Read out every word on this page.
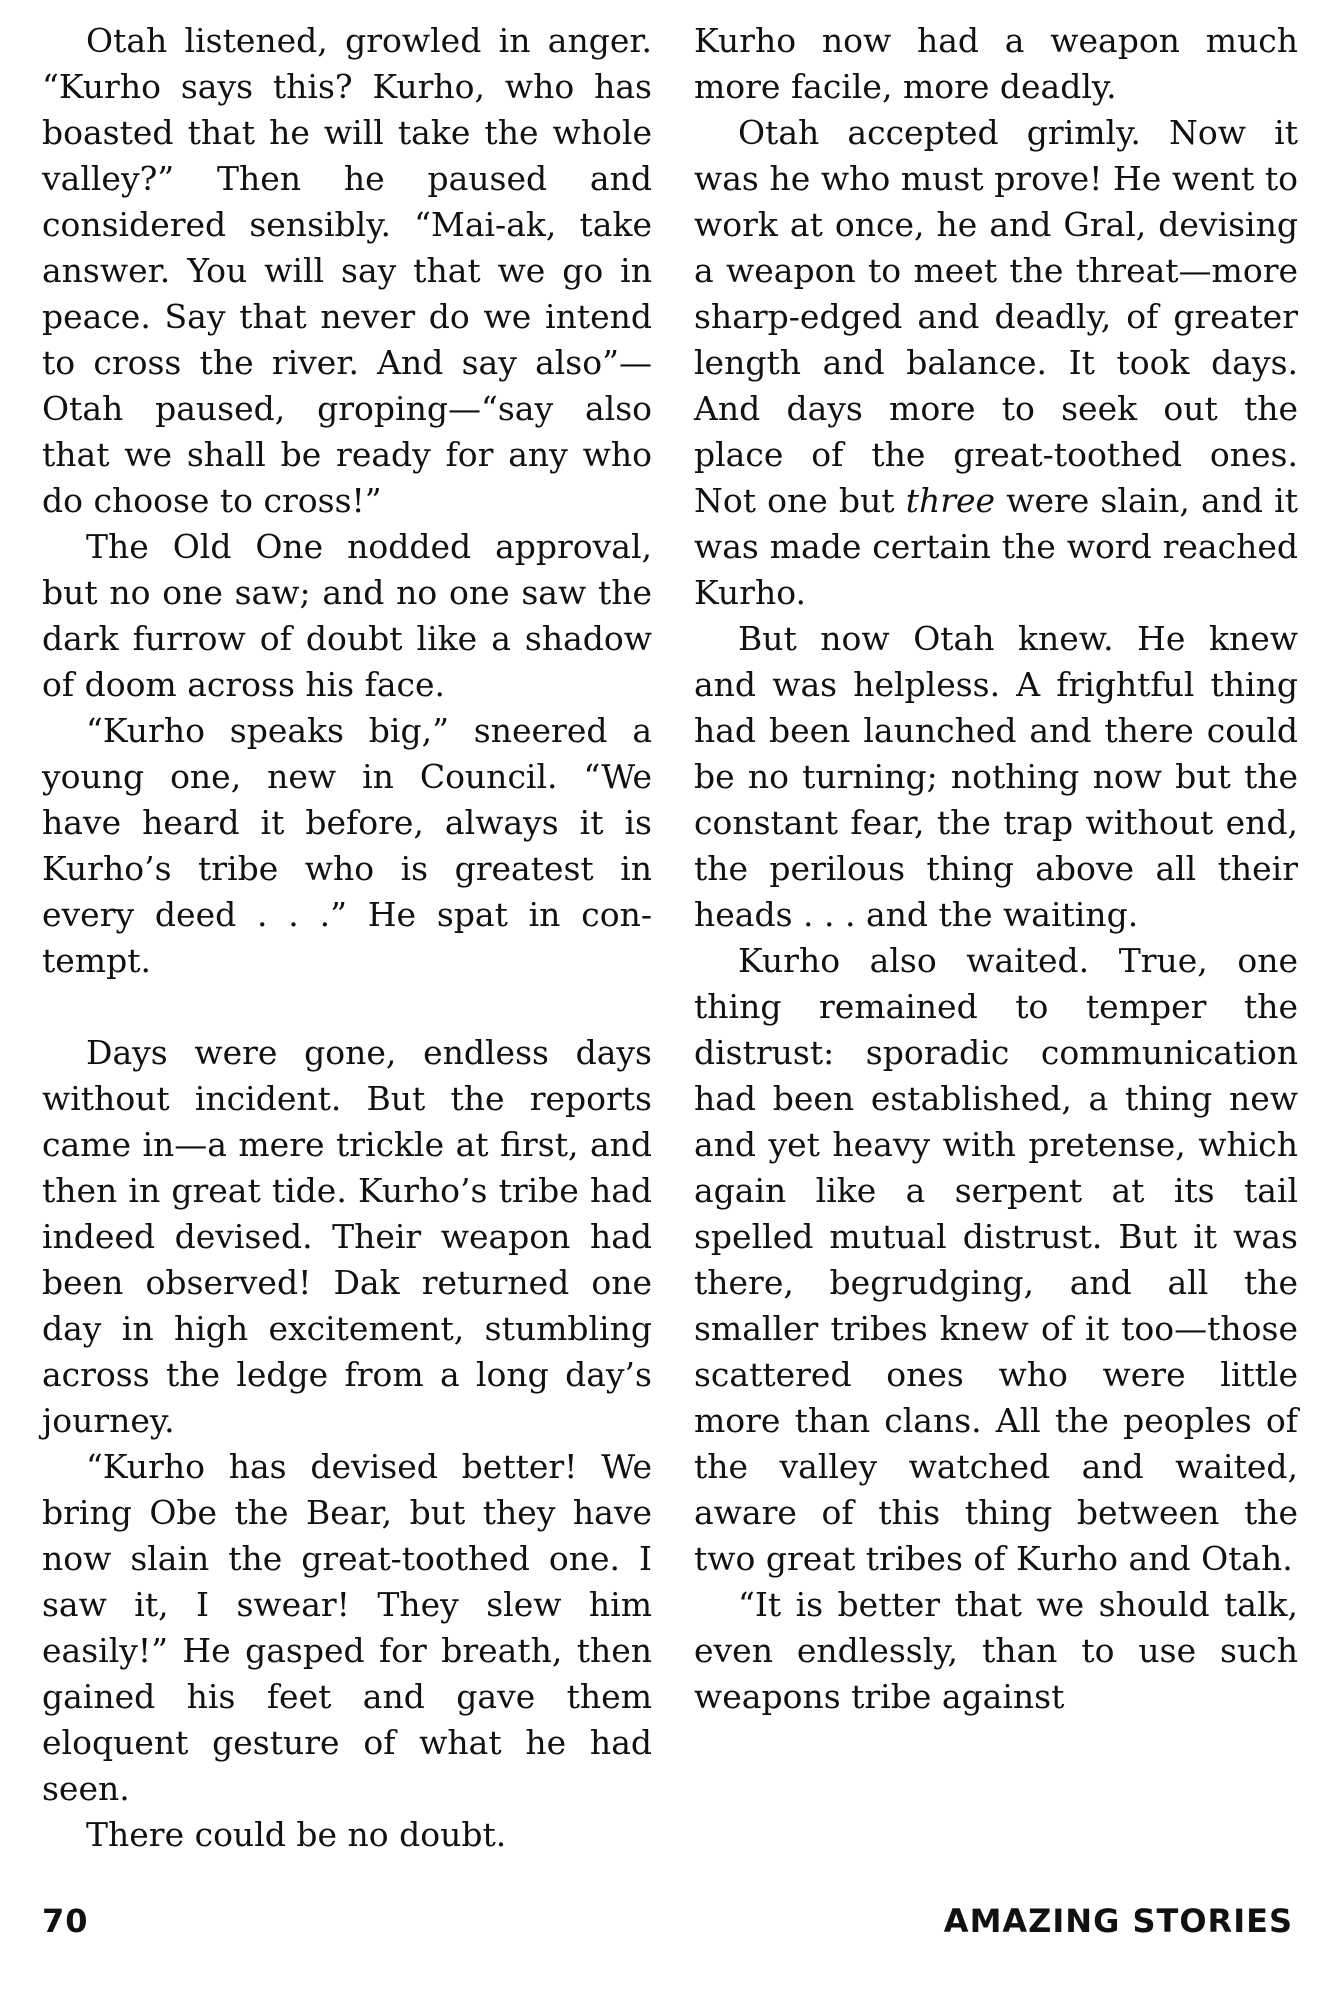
Otah listened, growled in anger. “Kurho says this? Kurho, who has boasted that he will take the whole valley?” Then he paused and considered sensibly. “Mai-ak, take answer. You will say that we go in peace. Say that never do we intend to cross the river. And say also”—Otah paused, groping—“say also that we shall be ready for any who do choose to cross!”

The Old One nodded approval, but no one saw; and no one saw the dark furrow of doubt like a shadow of doom across his face.

“Kurho speaks big,” sneered a young one, new in Council. “We have heard it before, always it is Kurho’s tribe who is greatest in every deed . . .” He spat in contempt.

Days were gone, endless days without incident. But the reports came in—a mere trickle at first, and then in great tide. Kurho’s tribe had indeed devised. Their weapon had been observed! Dak returned one day in high excitement, stumbling across the ledge from a long day’s journey.

“Kurho has devised better! We bring Obe the Bear, but they have now slain the great-toothed one. I saw it, I swear! They slew him easily!” He gasped for breath, then gained his feet and gave them eloquent gesture of what he had seen.

There could be no doubt.

Kurho now had a weapon much more facile, more deadly.

Otah accepted grimly. Now it was he who must prove! He went to work at once, he and Gral, devising a weapon to meet the threat—more sharp-edged and deadly, of greater length and balance. It took days. And days more to seek out the place of the great-toothed ones. Not one but three were slain, and it was made certain the word reached Kurho.

But now Otah knew. He knew and was helpless. A frightful thing had been launched and there could be no turning; nothing now but the constant fear, the trap without end, the perilous thing above all their heads . . . and the waiting.

Kurho also waited. True, one thing remained to temper the distrust: sporadic communication had been established, a thing new and yet heavy with pretense, which again like a serpent at its tail spelled mutual distrust. But it was there, begrudging, and all the smaller tribes knew of it too—those scattered ones who were little more than clans. All the peoples of the valley watched and waited, aware of this thing between the two great tribes of Kurho and Otah.

“It is better that we should talk, even endlessly, than to use such weapons tribe against

70	AMAZING STORIES
